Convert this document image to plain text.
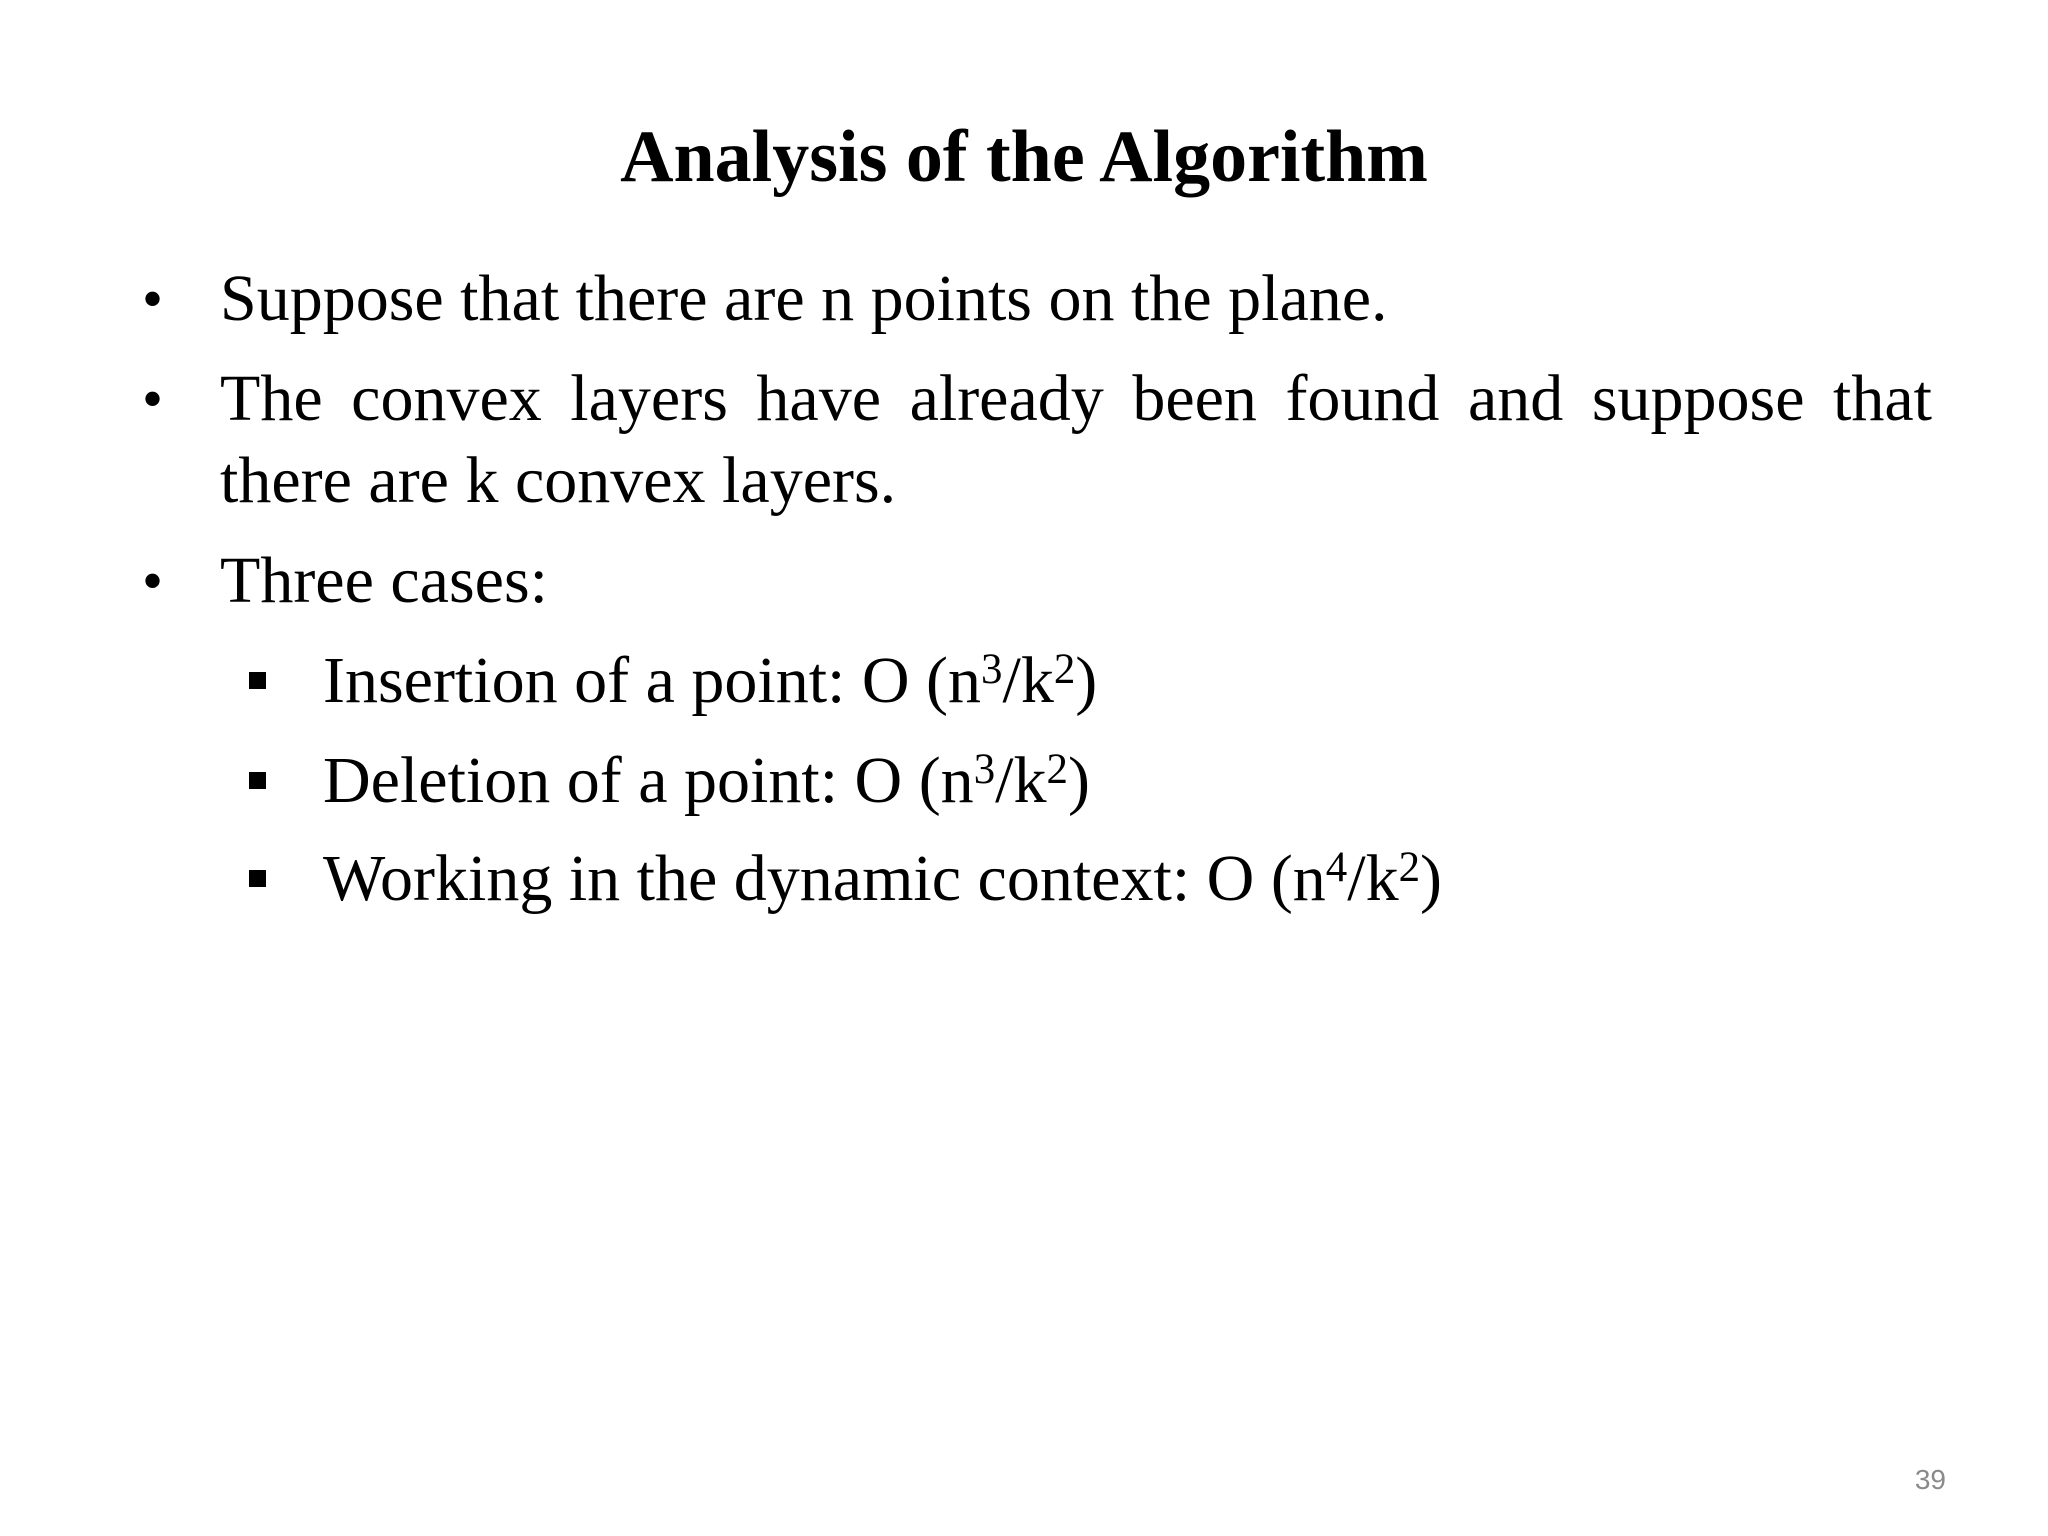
Analysis of the Algorithm
• Suppose that there are n points on the plane.
• The convex layers have already been found and suppose that there are k convex layers.
• Three cases:
Insertion of a point: O $(n^3/k^2)$
Deletion of a point: O $(n^3/k^2)$
Working in the dynamic context: O $(n^4/k^2)$
39
